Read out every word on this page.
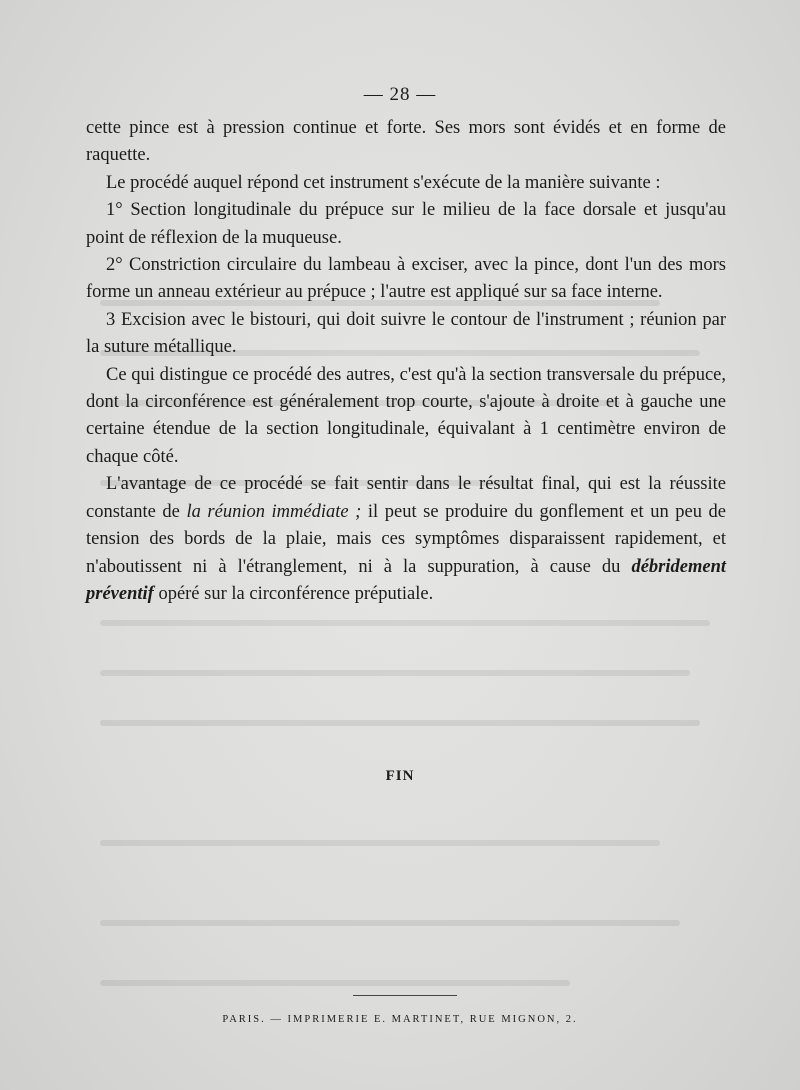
— 28 —

cette pince est à pression continue et forte. Ses mors sont évidés et en forme de raquette.

Le procédé auquel répond cet instrument s'exécute de la manière suivante :

1° Section longitudinale du prépuce sur le milieu de la face dorsale et jusqu'au point de réflexion de la muqueuse.

2° Constriction circulaire du lambeau à exciser, avec la pince, dont l'un des mors forme un anneau extérieur au prépuce ; l'autre est appliqué sur sa face interne.

3 Excision avec le bistouri, qui doit suivre le contour de l'instrument ; réunion par la suture métallique.

Ce qui distingue ce procédé des autres, c'est qu'à la section transversale du prépuce, dont la circonférence est généralement trop courte, s'ajoute à droite et à gauche une certaine étendue de la section longitudinale, équivalant à 1 centimètre environ de chaque côté.

L'avantage de ce procédé se fait sentir dans le résultat final, qui est la réussite constante de la réunion immédiate ; il peut se produire du gonflement et un peu de tension des bords de la plaie, mais ces symptômes disparaissent rapidement, et n'aboutissent ni à l'étranglement, ni à la suppuration, à cause du débridement préventif opéré sur la circonférence préputiale.

FIN
PARIS. — IMPRIMERIE E. MARTINET, RUE MIGNON, 2.
